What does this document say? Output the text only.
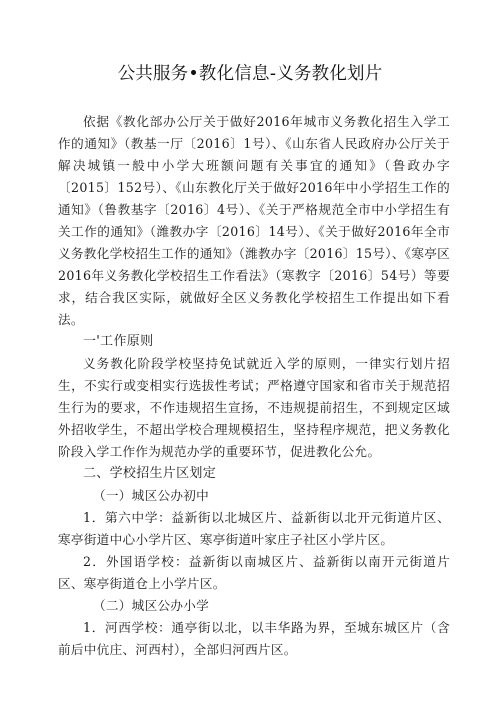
公共服务•教化信息-义务教化划片

依据《教化部办公厅关于做好2016年城市义务教化招生入学工作的通知》（教基一厅〔2016〕1号）、《山东省人民政府办公厅关于解决城镇一般中小学大班额问题有关事宜的通知》（鲁政办字〔2015〕152号）、《山东教化厅关于做好2016年中小学招生工作的通知》（鲁教基字〔2016〕4号）、《关于严格规范全市中小学招生有关工作的通知》（潍教办字〔2016〕14号）、《关于做好2016年全市义务教化学校招生工作的通知》（潍教办字〔2016〕15号）、《寒亭区2016年义务教化学校招生工作看法》（寒教字〔2016〕54号）等要求，结合我区实际，就做好全区义务教化学校招生工作提出如下看法。

一'工作原则

义务教化阶段学校坚持免试就近入学的原则，一律实行划片招生，不实行或变相实行选拔性考试；严格遵守国家和省市关于规范招生行为的要求，不作违规招生宣扬，不违规提前招生，不到规定区域外招收学生，不超出学校合理规模招生，坚持程序规范，把义务教化阶段入学工作作为规范办学的重要环节，促进教化公允。

二、学校招生片区划定

（一）城区公办初中

1．第六中学：益新街以北城区片、益新街以北开元街道片区、寒亭街道中心小学片区、寒亭街道叶家庄子社区小学片区。

2．外国语学校：益新街以南城区片、益新街以南开元街道片区、寒亭街道仓上小学片区。

（二）城区公办小学

1．河西学校：通亭街以北，以丰华路为界，至城东城区片（含前后中伉庄、河西村），全部归河西片区。
